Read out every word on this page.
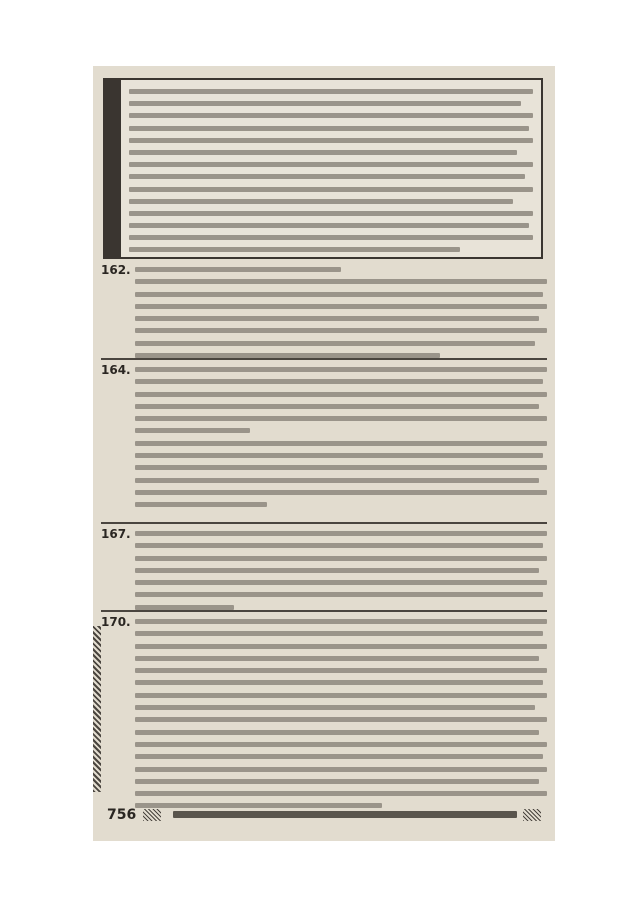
162.
164.
167.
170.
756
